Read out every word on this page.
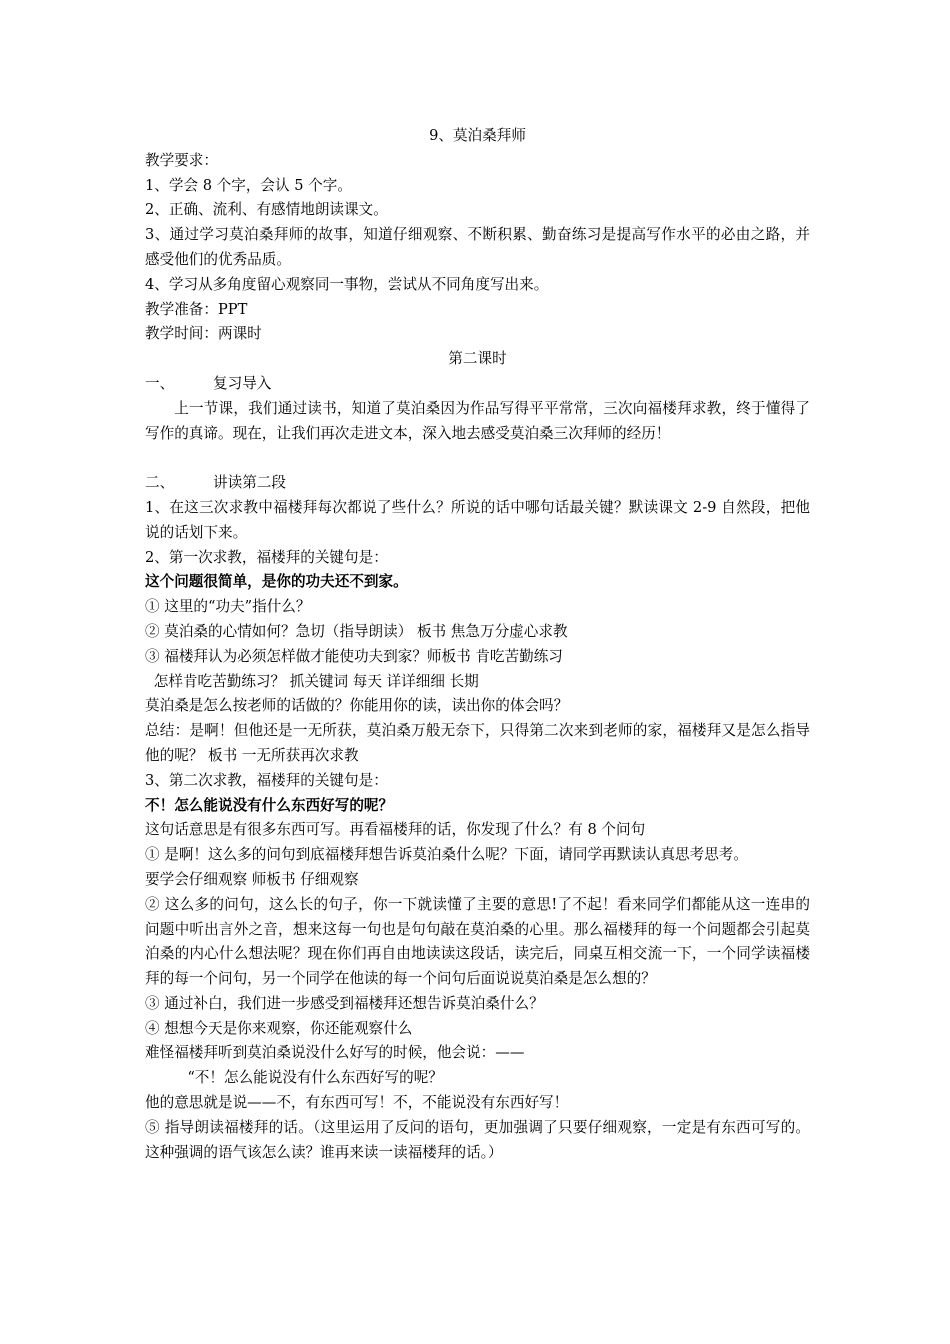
9、莫泊桑拜师
教学要求：
1、学会 8 个字，会认 5 个字。
2、正确、流利、有感情地朗读课文。
3、通过学习莫泊桑拜师的故事，知道仔细观察、不断积累、勤奋练习是提高写作水平的必由之路，并感受他们的优秀品质。
4、学习从多角度留心观察同一事物，尝试从不同角度写出来。
教学准备：PPT
教学时间：两课时
第二课时
一、	复习导入
上一节课，我们通过读书，知道了莫泊桑因为作品写得平平常常，三次向福楼拜求教，终于懂得了写作的真谛。现在，让我们再次走进文本，深入地去感受莫泊桑三次拜师的经历！
二、	讲读第二段
1、在这三次求教中福楼拜每次都说了些什么？所说的话中哪句话最关键？默读课文 2-9 自然段，把他说的话划下来。
2、第一次求教，福楼拜的关键句是：
这个问题很简单，是你的功夫还不到家。
① 这里的“功夫”指什么？
② 莫泊桑的心情如何？急切（指导朗读） 板书 焦急万分虚心求教
③ 福楼拜认为必须怎样做才能使功夫到家？师板书 肯吃苦勤练习
怎样肯吃苦勤练习？ 抓关键词 每天 详详细细 长期
莫泊桑是怎么按老师的话做的？你能用你的读，读出你的体会吗？
总结：是啊！但他还是一无所获，莫泊桑万般无奈下，只得第二次来到老师的家，福楼拜又是怎么指导他的呢？ 板书 一无所获再次求教
3、第二次求教，福楼拜的关键句是：
不！怎么能说没有什么东西好写的呢？
这句话意思是有很多东西可写。再看福楼拜的话，你发现了什么？有 8 个问句
① 是啊！这么多的问句到底福楼拜想告诉莫泊桑什么呢？下面，请同学再默读认真思考思考。
要学会仔细观察 师板书 仔细观察
② 这么多的问句，这么长的句子，你一下就读懂了主要的意思!了不起！看来同学们都能从这一连串的问题中听出言外之音，想来这每一句也是句句敲在莫泊桑的心里。那么福楼拜的每一个问题都会引起莫泊桑的内心什么想法呢？现在你们再自由地读读这段话，读完后，同桌互相交流一下，一个同学读福楼拜的每一个问句，另一个同学在他读的每一个问句后面说说莫泊桑是怎么想的？
③ 通过补白，我们进一步感受到福楼拜还想告诉莫泊桑什么？
④ 想想今天是你来观察，你还能观察什么
难怪福楼拜听到莫泊桑说没什么好写的时候，他会说：——
“不！怎么能说没有什么东西好写的呢？
他的意思就是说——不，有东西可写！不，不能说没有东西好写！
⑤ 指导朗读福楼拜的话。（这里运用了反问的语句，更加强调了只要仔细观察，一定是有东西可写的。这种强调的语气该怎么读？谁再来读一读福楼拜的话。）
